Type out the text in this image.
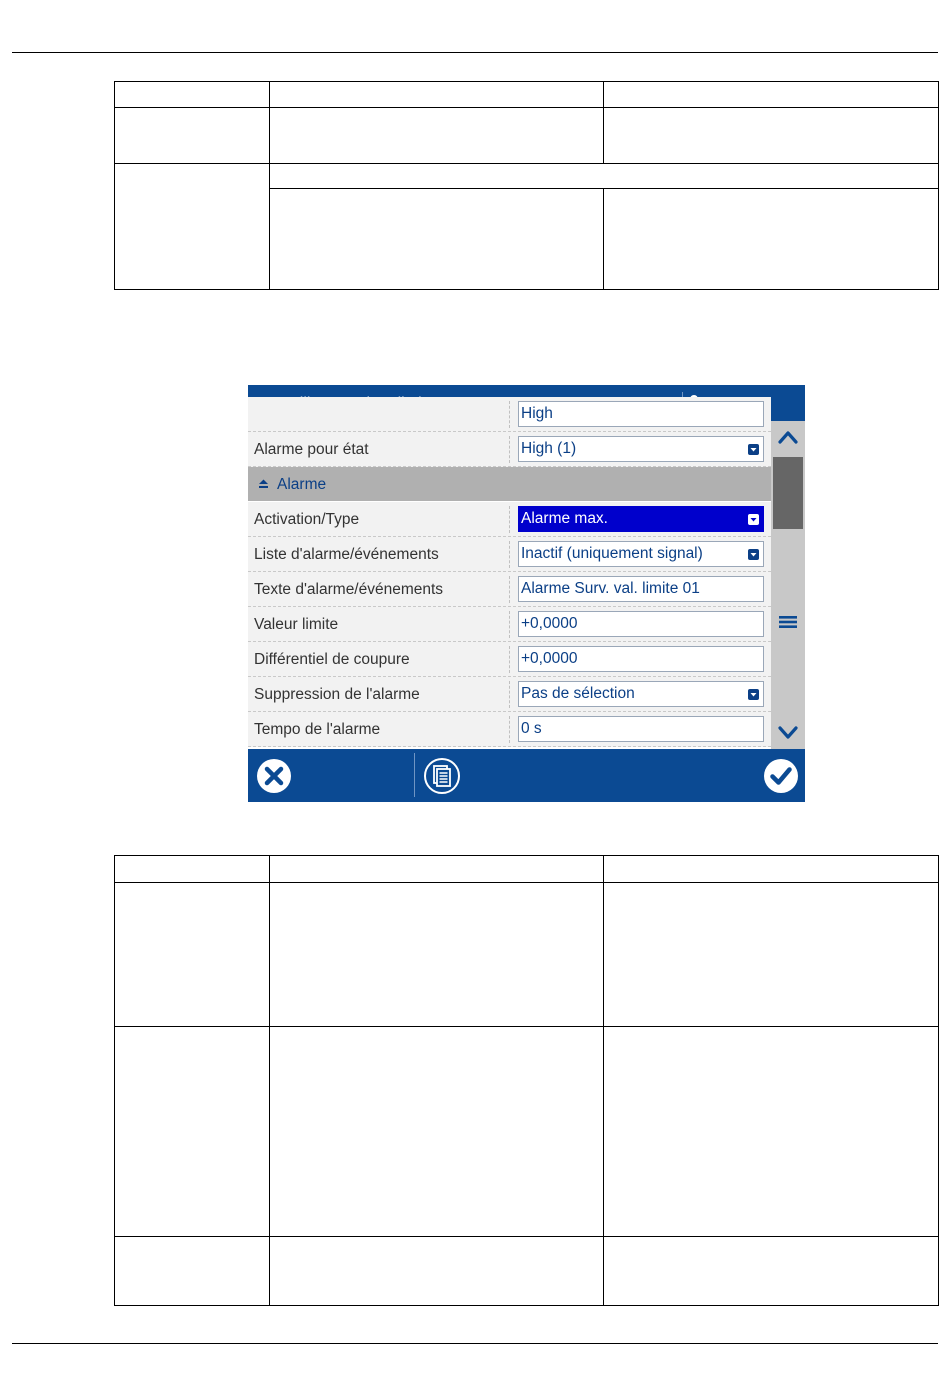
High
Alarme pour état	High (1)
Alarme
Activation/Type	Alarme max.
Liste d'alarme/événements	Inactif (uniquement signal)
Texte d'alarme/événements	Alarme Surv. val. limite 01
Valeur limite	+0,0000
Différentiel de coupure	+0,0000
Suppression de l'alarme	Pas de sélection
Tempo de l'alarme	0 s
